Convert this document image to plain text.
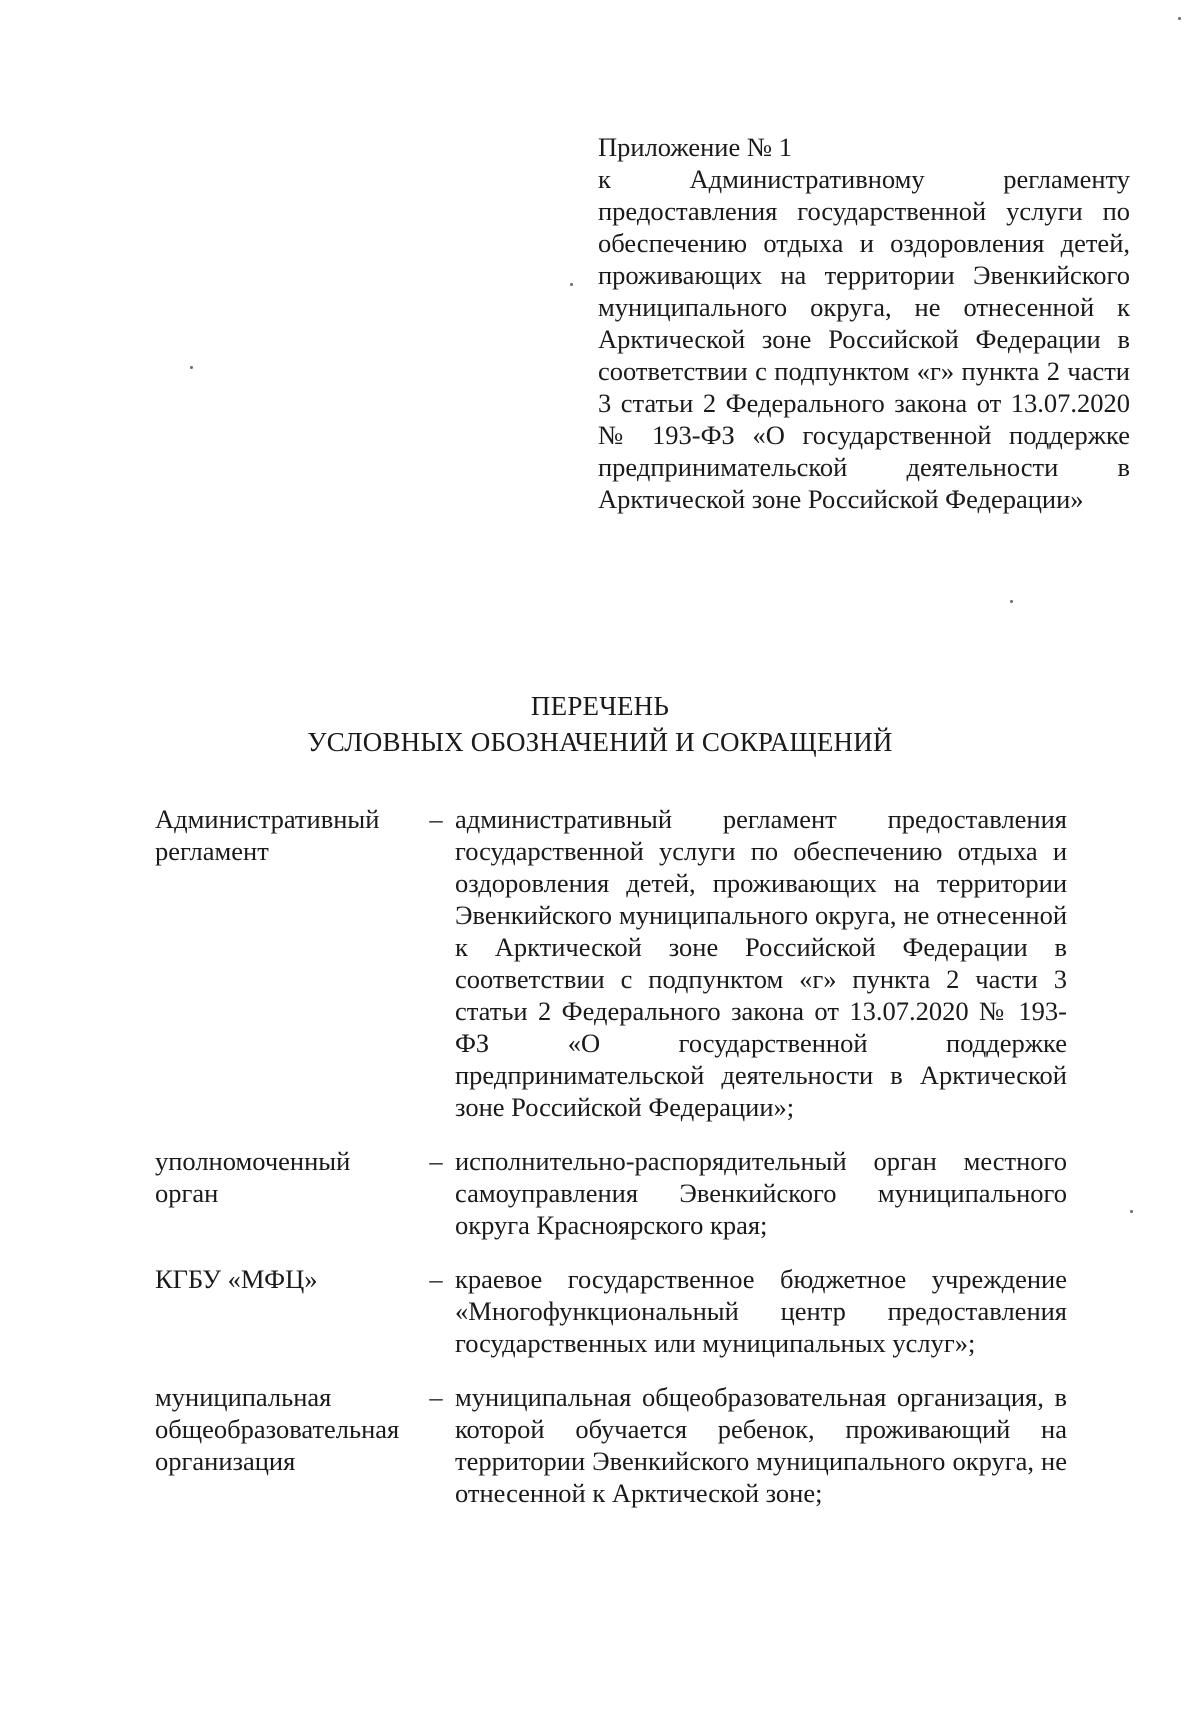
Приложение № 1

к Административному регламенту предоставления государственной услуги по обеспечению отдыха и оздоровления детей, проживающих на территории Эвенкийского муниципального округа, не отнесенной к Арктической зоне Российской Федерации в соответствии с подпунктом «г» пункта 2 части 3 статьи 2 Федерального закона от 13.07.2020 № 193-ФЗ «О государственной поддержке предпринимательской деятельности в Арктической зоне Российской Федерации»

ПЕРЕЧЕНЬ
УСЛОВНЫХ ОБОЗНАЧЕНИЙ И СОКРАЩЕНИЙ
Административный регламент
– административный регламент предоставления государственной услуги по обеспечению отдыха и оздоровления детей, проживающих на территории Эвенкийского муниципального округа, не отнесенной к Арктической зоне Российской Федерации в соответствии с подпунктом «г» пункта 2 части 3 статьи 2 Федерального закона от 13.07.2020 № 193-ФЗ «О государственной поддержке предпринимательской деятельности в Арктической зоне Российской Федерации»;
уполномоченный орган
– исполнительно-распорядительный орган местного самоуправления Эвенкийского муниципального округа Красноярского края;
КГБУ «МФЦ»	– краевое государственное бюджетное учреждение «Многофункциональный центр предоставления государственных или муниципальных услуг»;
муниципальная общеобразовательная организация
– муниципальная общеобразовательная организация, в которой обучается ребенок, проживающий на территории Эвенкийского муниципального округа, не отнесенной к Арктической зоне;
